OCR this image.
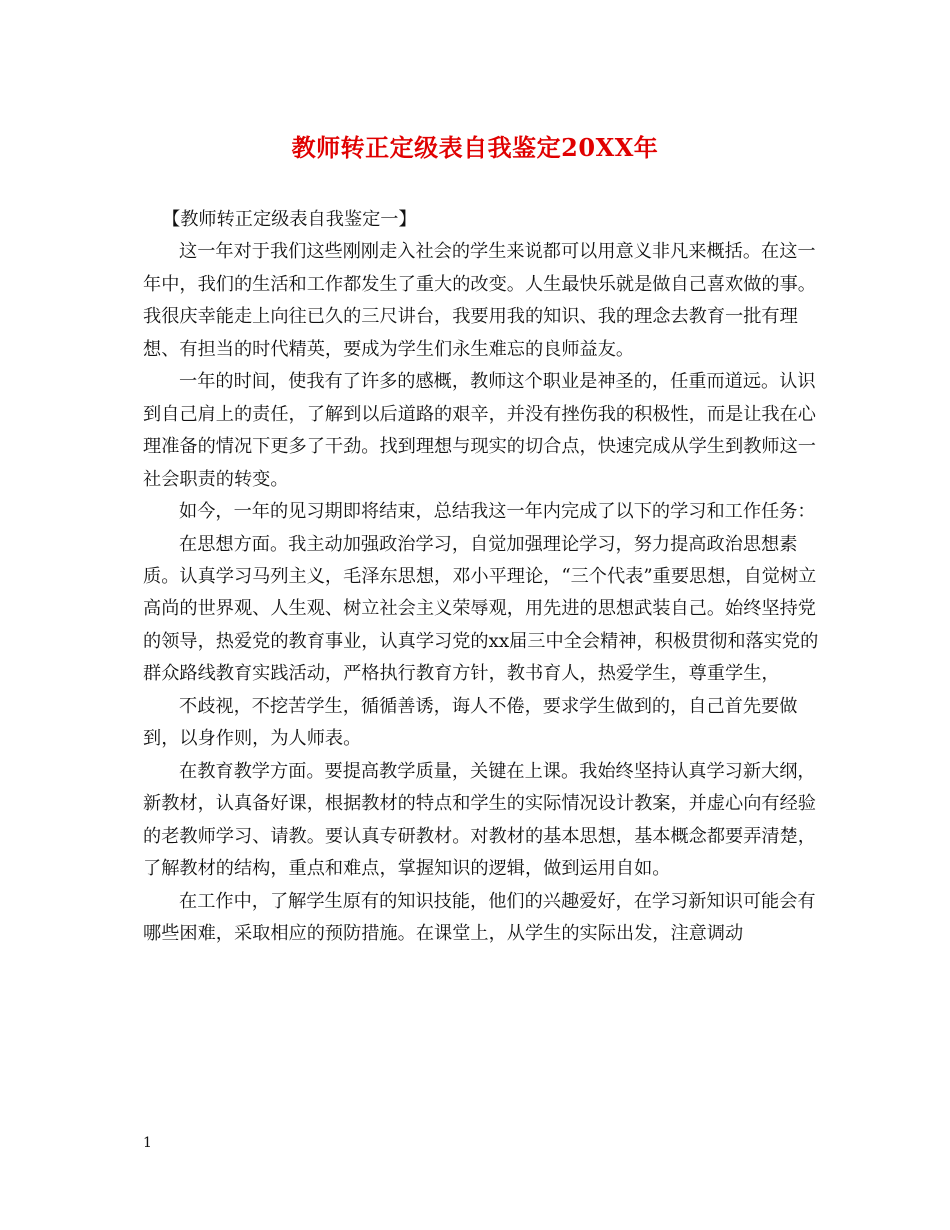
教师转正定级表自我鉴定20XX年

【教师转正定级表自我鉴定一】

这一年对于我们这些刚刚走入社会的学生来说都可以用意义非凡来概括。在这一年中，我们的生活和工作都发生了重大的改变。人生最快乐就是做自己喜欢做的事。我很庆幸能走上向往已久的三尺讲台，我要用我的知识、我的理念去教育一批有理想、有担当的时代精英，要成为学生们永生难忘的良师益友。

一年的时间，使我有了许多的感概，教师这个职业是神圣的，任重而道远。认识到自己肩上的责任，了解到以后道路的艰辛，并没有挫伤我的积极性，而是让我在心理准备的情况下更多了干劲。找到理想与现实的切合点，快速完成从学生到教师这一社会职责的转变。

如今，一年的见习期即将结束，总结我这一年内完成了以下的学习和工作任务：

在思想方面。我主动加强政治学习，自觉加强理论学习，努力提高政治思想素质。认真学习马列主义，毛泽东思想，邓小平理论，“三个代表”重要思想，自觉树立高尚的世界观、人生观、树立社会主义荣辱观，用先进的思想武装自己。始终坚持党的领导，热爱党的教育事业，认真学习党的xx届三中全会精神，积极贯彻和落实党的群众路线教育实践活动，严格执行教育方针，教书育人，热爱学生，尊重学生，

不歧视，不挖苦学生，循循善诱，诲人不倦，要求学生做到的，自己首先要做到，以身作则，为人师表。

在教育教学方面。要提高教学质量，关键在上课。我始终坚持认真学习新大纲，新教材，认真备好课，根据教材的特点和学生的实际情况设计教案，并虚心向有经验的老教师学习、请教。要认真专研教材。对教材的基本思想，基本概念都要弄清楚，了解教材的结构，重点和难点，掌握知识的逻辑，做到运用自如。

在工作中，了解学生原有的知识技能，他们的兴趣爱好，在学习新知识可能会有哪些困难，采取相应的预防措施。在课堂上，从学生的实际出发，注意调动

1
